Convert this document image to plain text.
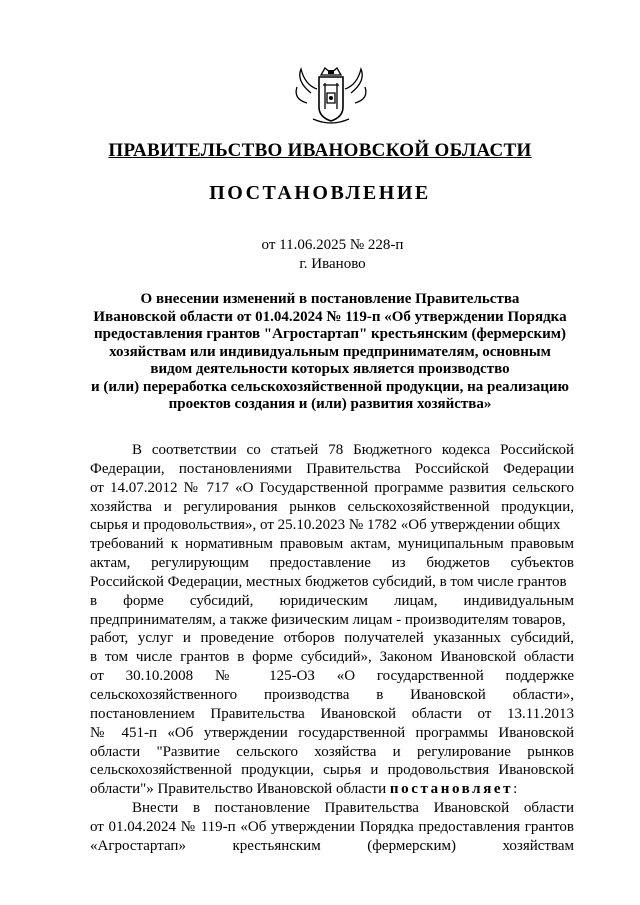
ПРАВИТЕЛЬСТВО ИВАНОВСКОЙ ОБЛАСТИ
ПОСТАНОВЛЕНИЕ
от 11.06.2025 № 228-п
г. Иваново
О внесении изменений в постановление Правительства
Ивановской области от 01.04.2024 № 119-п «Об утверждении Порядка
предоставления грантов "Агростартап" крестьянским (фермерским)
хозяйствам или индивидуальным предпринимателям, основным
видом деятельности которых является производство
и (или) переработка сельскохозяйственной продукции, на реализацию
проектов создания и (или) развития хозяйства»
В соответствии со статьей 78 Бюджетного кодекса Российской
Федерации, постановлениями Правительства Российской Федерации
от 14.07.2012 № 717 «О Государственной программе развития сельского
хозяйства и регулирования рынков сельскохозяйственной продукции,
сырья и продовольствия», от 25.10.2023 № 1782 «Об утверждении общих
требований к нормативным правовым актам, муниципальным правовым
актам, регулирующим предоставление из бюджетов субъектов
Российской Федерации, местных бюджетов субсидий, в том числе грантов
в форме субсидий, юридическим лицам, индивидуальным
предпринимателям, а также физическим лицам - производителям товаров,
работ, услуг и проведение отборов получателей указанных субсидий,
в том числе грантов в форме субсидий», Законом Ивановской области
от 30.10.2008 № 125-ОЗ «О государственной поддержке
сельскохозяйственного производства в Ивановской области»,
постановлением Правительства Ивановской области от 13.11.2013
№ 451-п «Об утверждении государственной программы Ивановской
области "Развитие сельского хозяйства и регулирование рынков
сельскохозяйственной продукции, сырья и продовольствия Ивановской
области"» Правительство Ивановской области постановляет:
Внести в постановление Правительства Ивановской области
от 01.04.2024 № 119-п «Об утверждении Порядка предоставления грантов
«Агростартап» крестьянским (фермерским) хозяйствам
